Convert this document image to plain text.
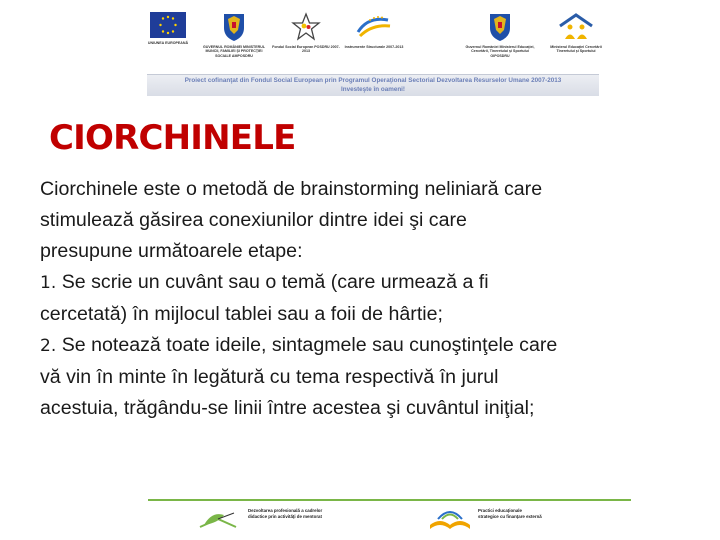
UNIUNEA EUROPEANĂ
GUVERNUL ROMÂNIEI MINISTERUL MUNCII, FAMILIEI ŞI PROTECŢIEI SOCIALE AMPOSDRU
Fondul Social European POSDRU 2007-2013
Instrumente Structurale 2007-2013	Guvernul României Ministerul Educaţiei, Cercetării, Tineretului şi Sportului OIPOSDRU
Ministerul Educaţiei Cercetării Tineretului şi Sportului
Proiect cofinanţat din Fondul Social European prin Programul Operaţional Sectorial Dezvoltarea Resurselor Umane 2007-2013
Investeşte în oameni!
CIORCHINELE

Ciorchinele este o metodă de brainstorming neliniară care
stimulează găsirea conexiunilor dintre idei şi care
presupune următoarele etape:

1. Se scrie un cuvânt sau o temă (care urmează a fi
cercetată) în mijlocul tablei sau a foii de hârtie;

2. Se notează toate ideile, sintagmele sau cunoştinţele care
vă vin în minte în legătură cu tema respectivă în jurul
acestuia, trăgându-se linii între acestea şi cuvântul iniţial;

Dezvoltarea profesională a cadrelor
didactice prin activităţi de mentorat
Practici educaţionale
strategice cu finanţare externă
